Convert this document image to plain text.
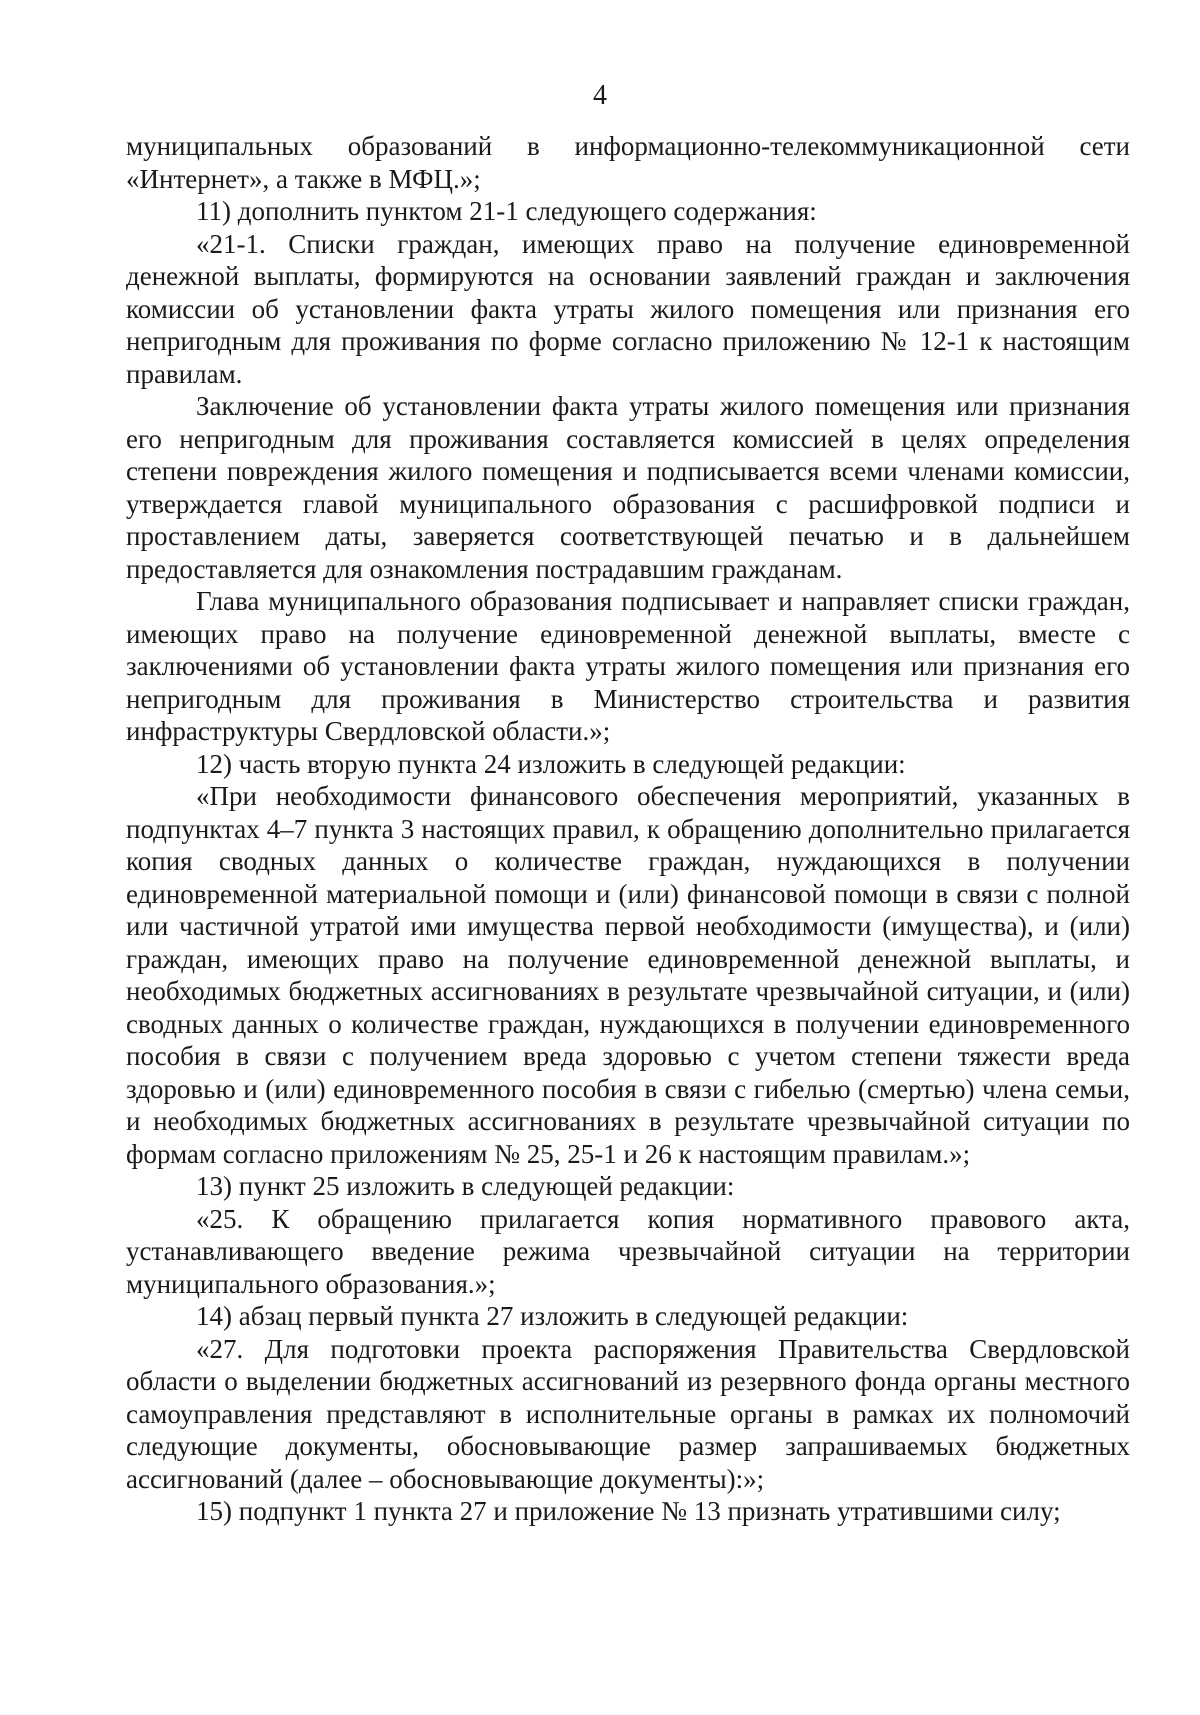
4

муниципальных образований в информационно-телекоммуникационной сети «Интернет», а также в МФЦ.»;

11) дополнить пунктом 21-1 следующего содержания:

«21-1. Списки граждан, имеющих право на получение единовременной денежной выплаты, формируются на основании заявлений граждан и заключения комиссии об установлении факта утраты жилого помещения или признания его непригодным для проживания по форме согласно приложению № 12-1 к настоящим правилам.

Заключение об установлении факта утраты жилого помещения или признания его непригодным для проживания составляется комиссией в целях определения степени повреждения жилого помещения и подписывается всеми членами комиссии, утверждается главой муниципального образования с расшифровкой подписи и проставлением даты, заверяется соответствующей печатью и в дальнейшем предоставляется для ознакомления пострадавшим гражданам.

Глава муниципального образования подписывает и направляет списки граждан, имеющих право на получение единовременной денежной выплаты, вместе с заключениями об установлении факта утраты жилого помещения или признания его непригодным для проживания в Министерство строительства и развития инфраструктуры Свердловской области.»;

12) часть вторую пункта 24 изложить в следующей редакции:

«При необходимости финансового обеспечения мероприятий, указанных в подпунктах 4–7 пункта 3 настоящих правил, к обращению дополнительно прилагается копия сводных данных о количестве граждан, нуждающихся в получении единовременной материальной помощи и (или) финансовой помощи в связи с полной или частичной утратой ими имущества первой необходимости (имущества), и (или) граждан, имеющих право на получение единовременной денежной выплаты, и необходимых бюджетных ассигнованиях в результате чрезвычайной ситуации, и (или) сводных данных о количестве граждан, нуждающихся в получении единовременного пособия в связи с получением вреда здоровью с учетом степени тяжести вреда здоровью и (или) единовременного пособия в связи с гибелью (смертью) члена семьи, и необходимых бюджетных ассигнованиях в результате чрезвычайной ситуации по формам согласно приложениям № 25, 25-1 и 26 к настоящим правилам.»;

13) пункт 25 изложить в следующей редакции:

«25. К обращению прилагается копия нормативного правового акта, устанавливающего введение режима чрезвычайной ситуации на территории муниципального образования.»;

14) абзац первый пункта 27 изложить в следующей редакции:

«27. Для подготовки проекта распоряжения Правительства Свердловской области о выделении бюджетных ассигнований из резервного фонда органы местного самоуправления представляют в исполнительные органы в рамках их полномочий следующие документы, обосновывающие размер запрашиваемых бюджетных ассигнований (далее – обосновывающие документы):»;

15) подпункт 1 пункта 27 и приложение № 13 признать утратившими силу;
